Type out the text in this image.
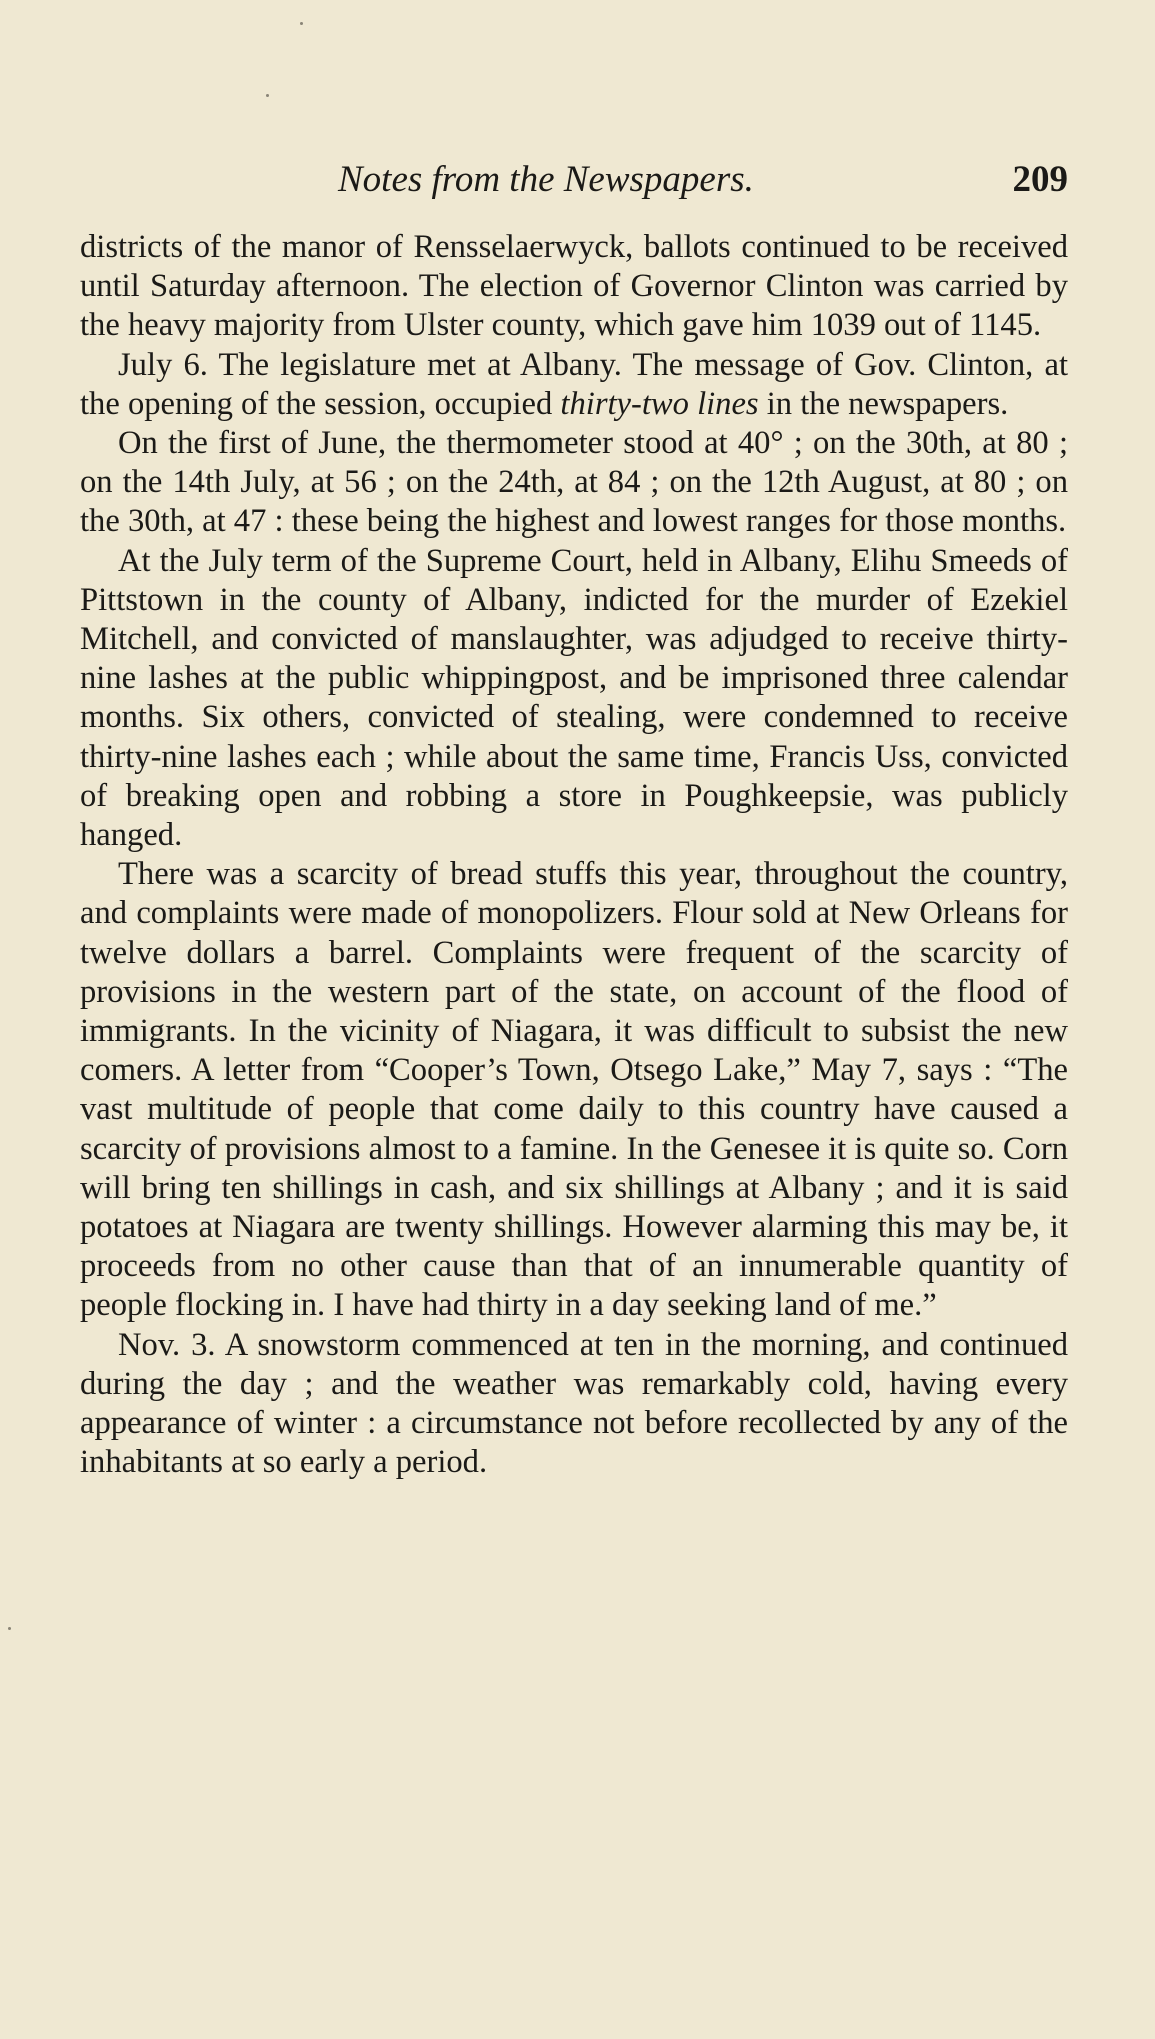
Notes from the Newspapers.	209

districts of the manor of Rensselaerwyck, ballots continued to be received until Saturday afternoon. The election of Governor Clinton was carried by the heavy majority from Ulster county, which gave him 1039 out of 1145.

July 6. The legislature met at Albany. The message of Gov. Clinton, at the opening of the session, occupied thirty-two lines in the newspapers.

On the first of June, the thermometer stood at 40° ; on the 30th, at 80 ; on the 14th July, at 56 ; on the 24th, at 84 ; on the 12th August, at 80 ; on the 30th, at 47 : these being the highest and lowest ranges for those months.

At the July term of the Supreme Court, held in Albany, Elihu Smeeds of Pittstown in the county of Albany, indicted for the murder of Ezekiel Mitchell, and convicted of manslaughter, was adjudged to receive thirty-nine lashes at the public whippingpost, and be imprisoned three calendar months. Six others, convicted of stealing, were condemned to receive thirty-nine lashes each ; while about the same time, Francis Uss, convicted of breaking open and robbing a store in Poughkeepsie, was publicly hanged.

There was a scarcity of bread stuffs this year, throughout the country, and complaints were made of monopolizers. Flour sold at New Orleans for twelve dollars a barrel. Complaints were frequent of the scarcity of provisions in the western part of the state, on account of the flood of immigrants. In the vicinity of Niagara, it was difficult to subsist the new comers. A letter from “Cooper’s Town, Otsego Lake,” May 7, says : “The vast multitude of people that come daily to this country have caused a scarcity of provisions almost to a famine. In the Genesee it is quite so. Corn will bring ten shillings in cash, and six shillings at Albany ; and it is said potatoes at Niagara are twenty shillings. However alarming this may be, it proceeds from no other cause than that of an innumerable quantity of people flocking in. I have had thirty in a day seeking land of me.”

Nov. 3. A snowstorm commenced at ten in the morning, and continued during the day ; and the weather was remarkably cold, having every appearance of winter : a circumstance not before recollected by any of the inhabitants at so early a period.
